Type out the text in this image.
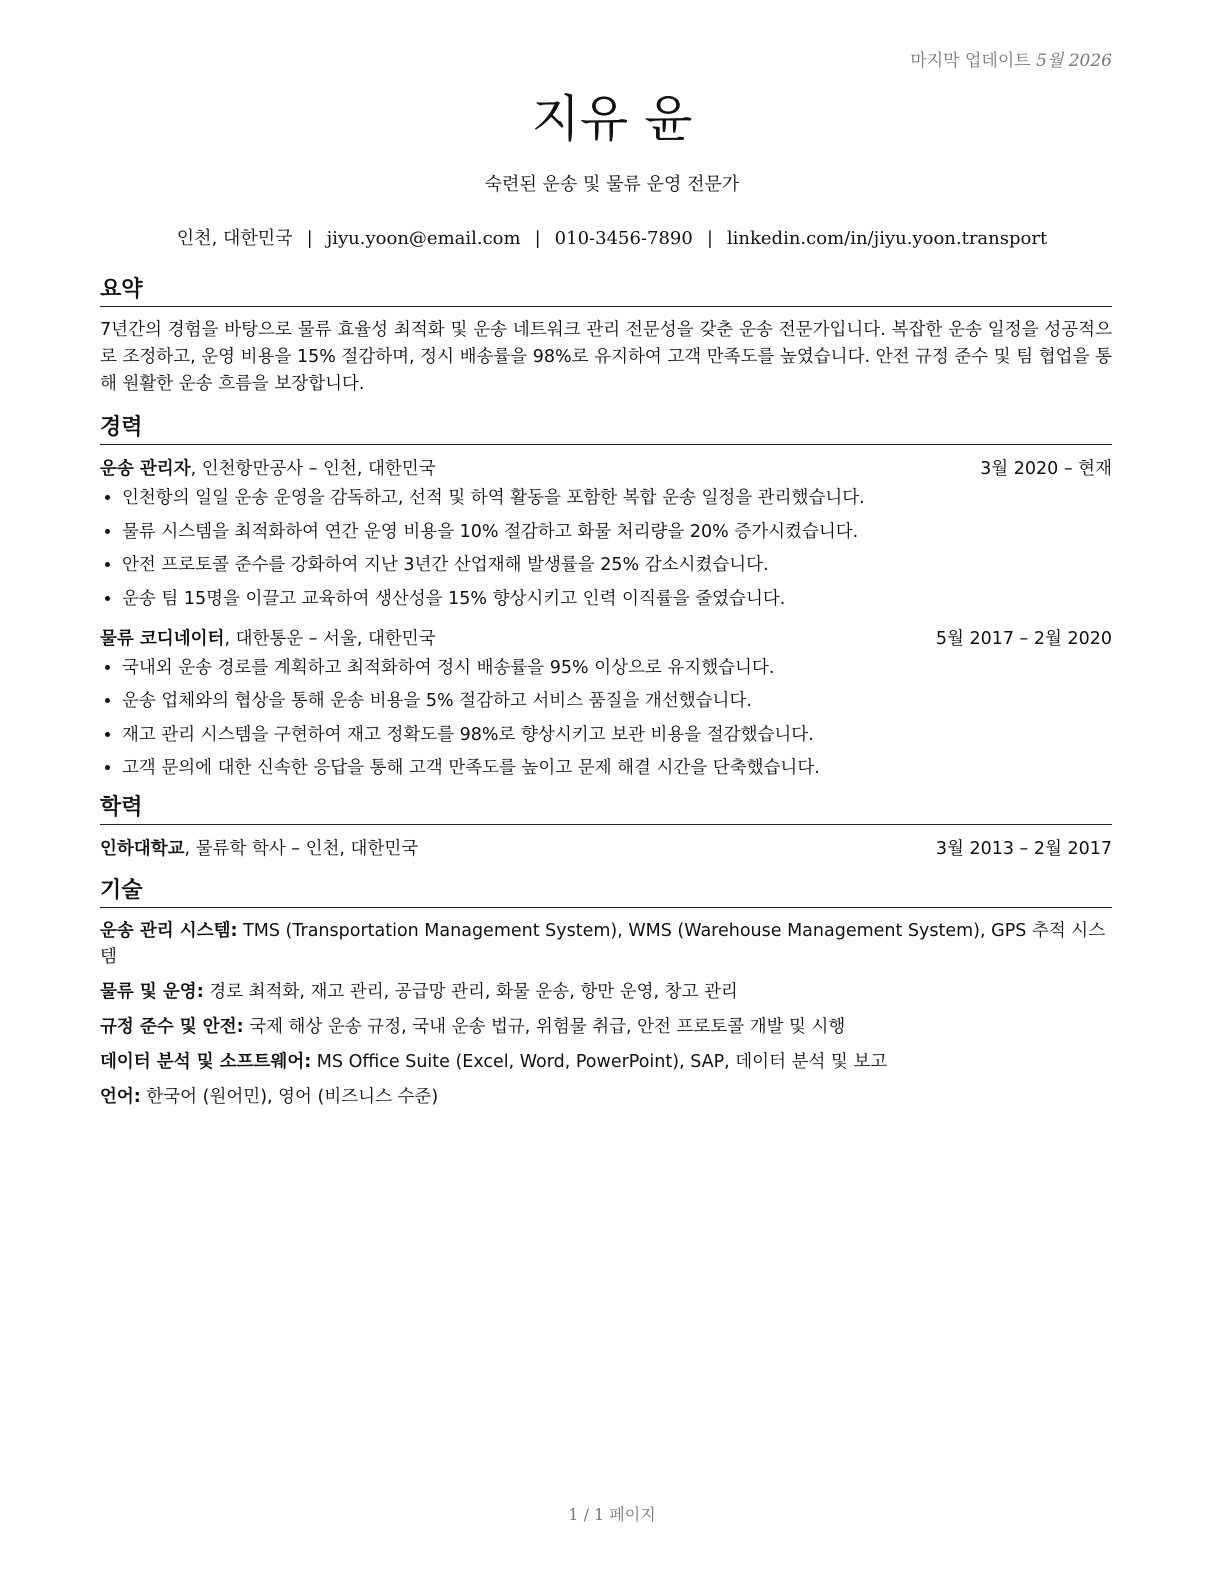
마지막 업데이트 5월 2026
지유 윤
숙련된 운송 및 물류 운영 전문가
인천, 대한민국 | jiyu.yoon@email.com | 010-3456-7890 | linkedin.com/in/jiyu.yoon.transport
요약

7년간의 경험을 바탕으로 물류 효율성 최적화 및 운송 네트워크 관리 전문성을 갖춘 운송 전문가입니다. 복잡한 운송 일정을 성공적으로 조정하고, 운영 비용을 15% 절감하며, 정시 배송률을 98%로 유지하여 고객 만족도를 높였습니다. 안전 규정 준수 및 팀 협업을 통해 원활한 운송 흐름을 보장합니다.

경력
운송 관리자, 인천항만공사 – 인천, 대한민국	3월 2020 – 현재
• 인천항의 일일 운송 운영을 감독하고, 선적 및 하역 활동을 포함한 복합 운송 일정을 관리했습니다.
• 물류 시스템을 최적화하여 연간 운영 비용을 10% 절감하고 화물 처리량을 20% 증가시켰습니다.
• 안전 프로토콜 준수를 강화하여 지난 3년간 산업재해 발생률을 25% 감소시켰습니다.
• 운송 팀 15명을 이끌고 교육하여 생산성을 15% 향상시키고 인력 이직률을 줄였습니다.
물류 코디네이터, 대한통운 – 서울, 대한민국	5월 2017 – 2월 2020
• 국내외 운송 경로를 계획하고 최적화하여 정시 배송률을 95% 이상으로 유지했습니다.
• 운송 업체와의 협상을 통해 운송 비용을 5% 절감하고 서비스 품질을 개선했습니다.
• 재고 관리 시스템을 구현하여 재고 정확도를 98%로 향상시키고 보관 비용을 절감했습니다.
• 고객 문의에 대한 신속한 응답을 통해 고객 만족도를 높이고 문제 해결 시간을 단축했습니다.
학력
인하대학교, 물류학 학사 – 인천, 대한민국	3월 2013 – 2월 2017
기술

운송 관리 시스템: TMS (Transportation Management System), WMS (Warehouse Management System), GPS 추적 시스템

물류 및 운영: 경로 최적화, 재고 관리, 공급망 관리, 화물 운송, 항만 운영, 창고 관리

규정 준수 및 안전: 국제 해상 운송 규정, 국내 운송 법규, 위험물 취급, 안전 프로토콜 개발 및 시행

데이터 분석 및 소프트웨어: MS Office Suite (Excel, Word, PowerPoint), SAP, 데이터 분석 및 보고

언어: 한국어 (원어민), 영어 (비즈니스 수준)

1 / 1 페이지
